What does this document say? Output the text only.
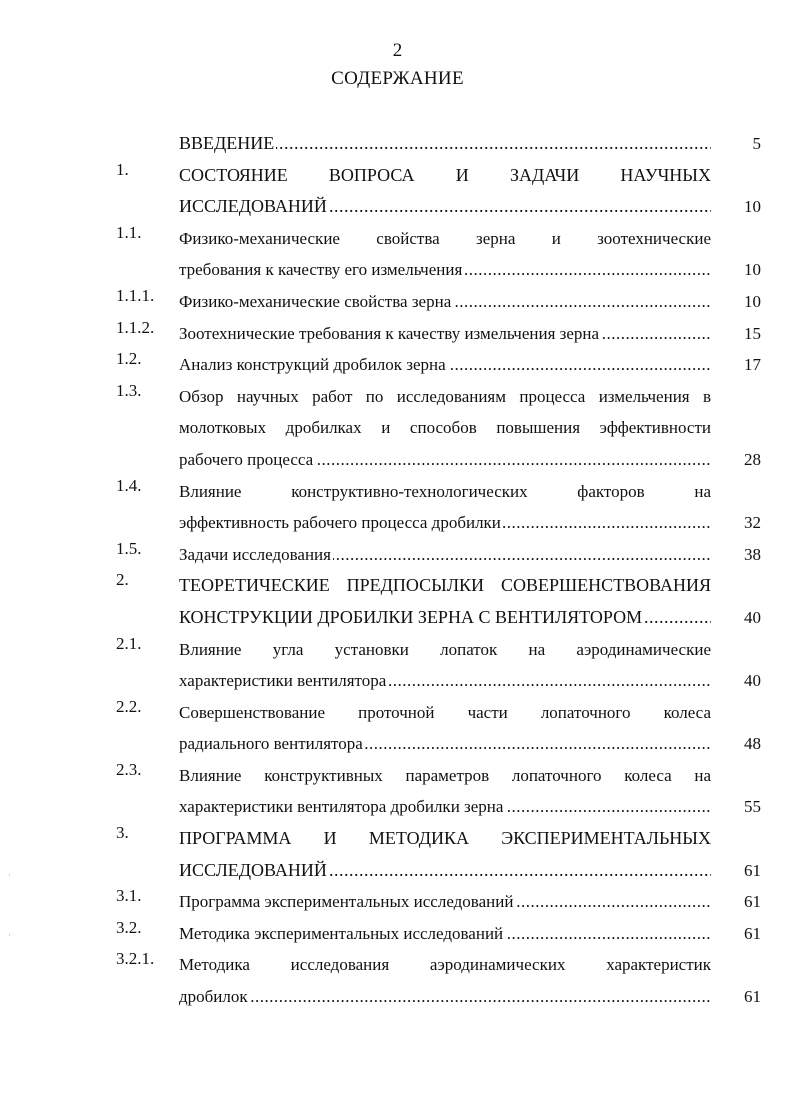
2
СОДЕРЖАНИЕ
ВВЕДЕНИЕ .....	5
1.	СОСТОЯНИЕ ВОПРОСА И ЗАДАЧИ НАУЧНЫХ
ИССЛЕДОВАНИЙ .....	10
1.1. Физико-механические свойства зерна и зоотехнические
требования к качеству его измельчения .....	10
1.1.1. Физико-механические свойства зерна .....	10
1.1.2. Зоотехнические требования к качеству измельчения зерна .....	15
1.2. Анализ конструкций дробилок зерна .....	17
1.3. Обзор научных работ по исследованиям процесса измельчения в
молотковых дробилках и способов повышения эффективности
рабочего процесса .....	28
1.4. Влияние конструктивно-технологических факторов на
эффективность рабочего процесса дробилки .....	32
1.5. Задачи исследования .....	38
2.	ТЕОРЕТИЧЕСКИЕ ПРЕДПОСЫЛКИ СОВЕРШЕНСТВОВАНИЯ
КОНСТРУКЦИИ ДРОБИЛКИ ЗЕРНА С ВЕНТИЛЯТОРОМ .....	40
2.1. Влияние угла установки лопаток на аэродинамические
характеристики вентилятора .....	40
2.2. Совершенствование проточной части лопаточного колеса
радиального вентилятора .....	48
2.3. Влияние конструктивных параметров лопаточного колеса на
характеристики вентилятора дробилки зерна .....	55
3.	ПРОГРАММА И МЕТОДИКА ЭКСПЕРИМЕНТАЛЬНЫХ
ИССЛЕДОВАНИЙ .....	61
3.1. Программа экспериментальных исследований .....	61
3.2. Методика экспериментальных исследований .....	61
3.2.1. Методика исследования аэродинамических характеристик
дробилок .....	61
·
·
